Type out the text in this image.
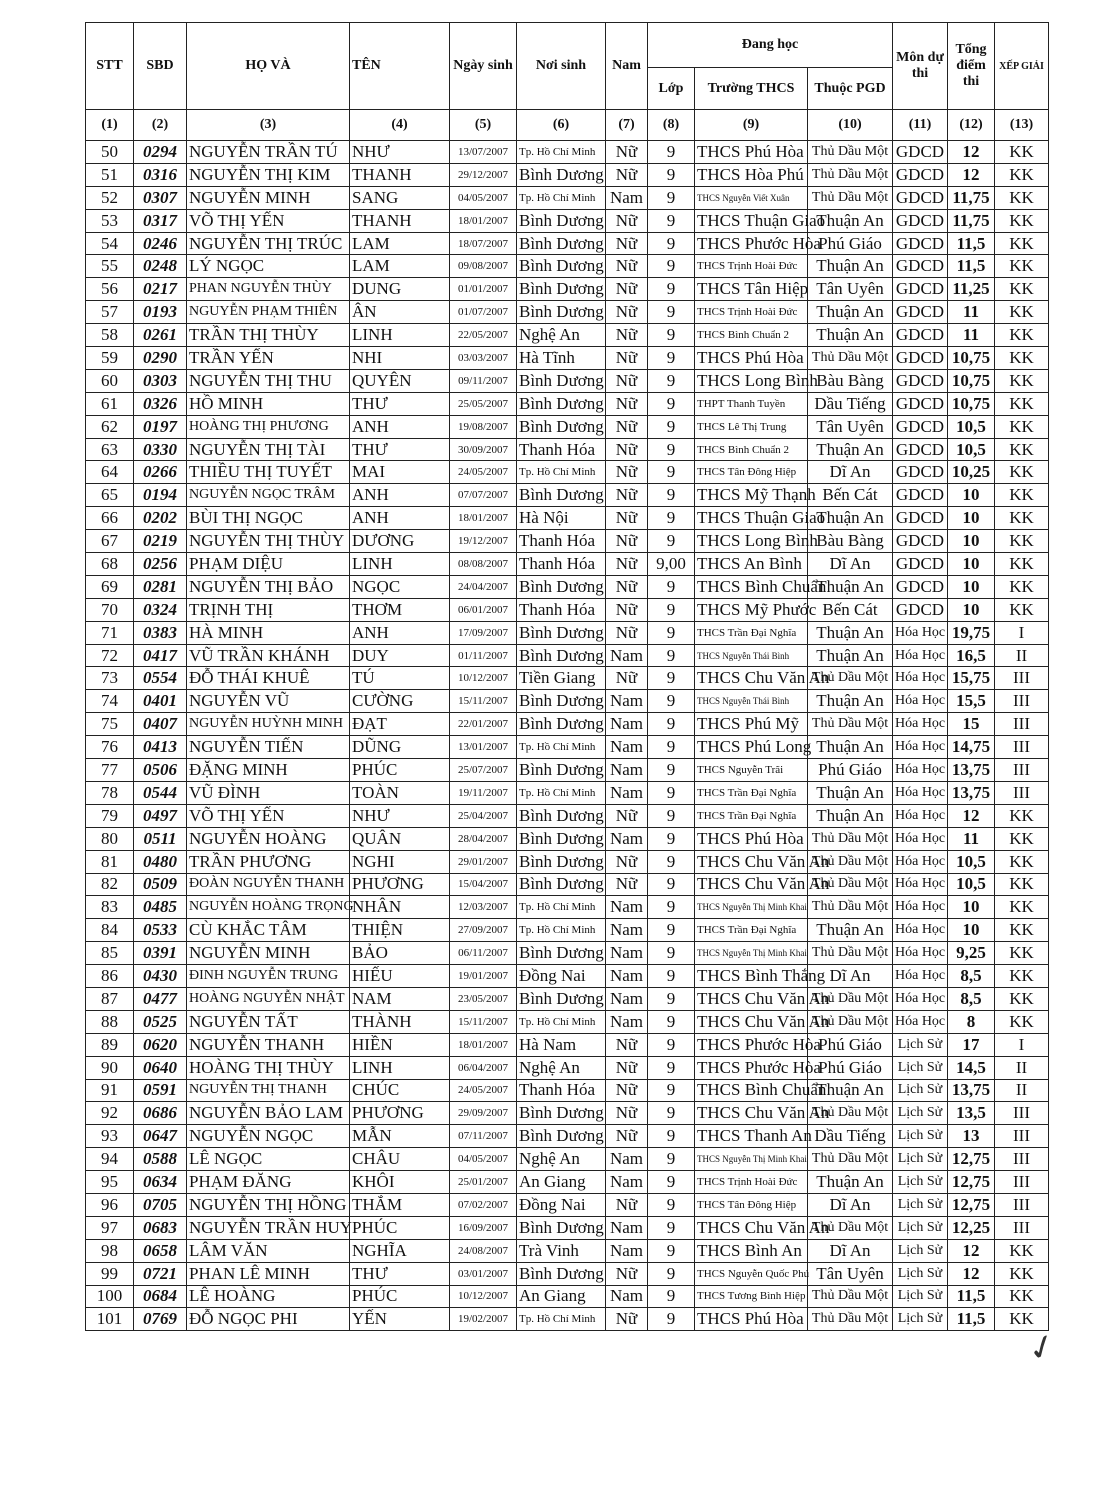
STT	SBD	HỌ VÀ	TÊN	Ngày sinh	Nơi sinh	Nam	Đang học			Môn dự thi	Tổng điểm thi	XẾP GIẢI
							Lớp	Trường THCS	Thuộc PGD			
(1)	(2)	(3)	(4)	(5)	(6)	(7)	(8)	(9)	(10)	(11)	(12)	(13)
50	0294	NGUYỄN TRẦN TÚ	NHƯ	13/07/2007	Tp. Hồ Chí Minh	Nữ	9	THCS Phú Hòa	Thủ Dầu Một	GDCD	12	KK
51	0316	NGUYỄN THỊ KIM	THANH	29/12/2007	Bình Dương	Nữ	9	THCS Hòa Phú	Thủ Dầu Một	GDCD	12	KK
52	0307	NGUYỄN MINH	SANG	04/05/2007	Tp. Hồ Chí Minh	Nam	9	THCS Nguyễn Viết Xuân	Thủ Dầu Một	GDCD	11,75	KK
53	0317	VÕ THỊ YẾN	THANH	18/01/2007	Bình Dương	Nữ	9	THCS Thuận Giao	Thuận An	GDCD	11,75	KK
54	0246	NGUYỄN THỊ TRÚC	LAM	18/07/2007	Bình Dương	Nữ	9	THCS Phước Hòa	Phú Giáo	GDCD	11,5	KK
55	0248	LÝ NGỌC	LAM	09/08/2007	Bình Dương	Nữ	9	THCS Trịnh Hoài Đức	Thuận An	GDCD	11,5	KK
56	0217	PHAN NGUYỄN THÙY	DUNG	01/01/2007	Bình Dương	Nữ	9	THCS Tân Hiệp	Tân Uyên	GDCD	11,25	KK
57	0193	NGUYỄN PHẠM THIÊN	ÂN	01/07/2007	Bình Dương	Nữ	9	THCS Trịnh Hoài Đức	Thuận An	GDCD	11	KK
58	0261	TRẦN THỊ THÙY	LINH	22/05/2007	Nghệ An	Nữ	9	THCS Bình Chuẩn 2	Thuận An	GDCD	11	KK
59	0290	TRẦN YẾN	NHI	03/03/2007	Hà Tĩnh	Nữ	9	THCS Phú Hòa	Thủ Dầu Một	GDCD	10,75	KK
60	0303	NGUYỄN THỊ THU	QUYÊN	09/11/2007	Bình Dương	Nữ	9	THCS Long Bình	Bàu Bàng	GDCD	10,75	KK
61	0326	HỒ MINH	THƯ	25/05/2007	Bình Dương	Nữ	9	THPT Thanh Tuyền	Dầu Tiếng	GDCD	10,75	KK
62	0197	HOÀNG THỊ PHƯƠNG	ANH	19/08/2007	Bình Dương	Nữ	9	THCS Lê Thị Trung	Tân Uyên	GDCD	10,5	KK
63	0330	NGUYỄN THỊ TÀI	THƯ	30/09/2007	Thanh Hóa	Nữ	9	THCS Bình Chuẩn 2	Thuận An	GDCD	10,5	KK
64	0266	THIỀU THỊ TUYẾT	MAI	24/05/2007	Tp. Hồ Chí Minh	Nữ	9	THCS Tân Đông Hiệp	Dĩ An	GDCD	10,25	KK
65	0194	NGUYỄN NGỌC TRÂM	ANH	07/07/2007	Bình Dương	Nữ	9	THCS Mỹ Thạnh	Bến Cát	GDCD	10	KK
66	0202	BÙI THỊ NGỌC	ANH	18/01/2007	Hà Nội	Nữ	9	THCS Thuận Giao	Thuận An	GDCD	10	KK
67	0219	NGUYỄN THỊ THÙY	DƯƠNG	19/12/2007	Thanh Hóa	Nữ	9	THCS Long Bình	Bàu Bàng	GDCD	10	KK
68	0256	PHẠM DIỆU	LINH	08/08/2007	Thanh Hóa	Nữ	9,00	THCS An Bình	Dĩ An	GDCD	10	KK
69	0281	NGUYỄN THỊ BẢO	NGỌC	24/04/2007	Bình Dương	Nữ	9	THCS Bình Chuẩn	Thuận An	GDCD	10	KK
70	0324	TRỊNH THỊ	THƠM	06/01/2007	Thanh Hóa	Nữ	9	THCS Mỹ Phước	Bến Cát	GDCD	10	KK
71	0383	HÀ MINH	ANH	17/09/2007	Bình Dương	Nữ	9	THCS Trần Đại Nghĩa	Thuận An	Hóa Học	19,75	I
72	0417	VŨ TRẦN KHÁNH	DUY	01/11/2007	Bình Dương	Nam	9	THCS Nguyễn Thái Bình	Thuận An	Hóa Học	16,5	II
73	0554	ĐỖ THÁI KHUÊ	TÚ	10/12/2007	Tiền Giang	Nữ	9	THCS Chu Văn An	Thủ Dầu Một	Hóa Học	15,75	III
74	0401	NGUYỄN VŨ	CƯỜNG	15/11/2007	Bình Dương	Nam	9	THCS Nguyễn Thái Bình	Thuận An	Hóa Học	15,5	III
75	0407	NGUYỄN HUỲNH MINH	ĐẠT	22/01/2007	Bình Dương	Nam	9	THCS Phú Mỹ	Thủ Dầu Một	Hóa Học	15	III
76	0413	NGUYỄN TIẾN	DŨNG	13/01/2007	Tp. Hồ Chí Minh	Nam	9	THCS Phú Long	Thuận An	Hóa Học	14,75	III
77	0506	ĐẶNG MINH	PHÚC	25/07/2007	Bình Dương	Nam	9	THCS Nguyễn Trãi	Phú Giáo	Hóa Học	13,75	III
78	0544	VŨ ĐÌNH	TOÀN	19/11/2007	Tp. Hồ Chí Minh	Nam	9	THCS Trần Đại Nghĩa	Thuận An	Hóa Học	13,75	III
79	0497	VÕ THỊ YẾN	NHƯ	25/04/2007	Bình Dương	Nữ	9	THCS Trần Đại Nghĩa	Thuận An	Hóa Học	12	KK
80	0511	NGUYỄN HOÀNG	QUÂN	28/04/2007	Bình Dương	Nam	9	THCS Phú Hòa	Thủ Dầu Một	Hóa Học	11	KK
81	0480	TRẦN PHƯƠNG	NGHI	29/01/2007	Bình Dương	Nữ	9	THCS Chu Văn An	Thủ Dầu Một	Hóa Học	10,5	KK
82	0509	ĐOÀN NGUYỄN THANH	PHƯƠNG	15/04/2007	Bình Dương	Nữ	9	THCS Chu Văn An	Thủ Dầu Một	Hóa Học	10,5	KK
83	0485	NGUYỄN HOÀNG TRỌNG	NHÂN	12/03/2007	Tp. Hồ Chí Minh	Nam	9	THCS Nguyễn Thị Minh Khai	Thủ Dầu Một	Hóa Học	10	KK
84	0533	CÙ KHẮC TÂM	THIỆN	27/09/2007	Tp. Hồ Chí Minh	Nam	9	THCS Trần Đại Nghĩa	Thuận An	Hóa Học	10	KK
85	0391	NGUYỄN MINH	BẢO	06/11/2007	Bình Dương	Nam	9	THCS Nguyễn Thị Minh Khai	Thủ Dầu Một	Hóa Học	9,25	KK
86	0430	ĐINH NGUYỄN TRUNG	HIẾU	19/01/2007	Đồng Nai	Nam	9	THCS Bình Thắng	Dĩ An	Hóa Học	8,5	KK
87	0477	HOÀNG NGUYỄN NHẬT	NAM	23/05/2007	Bình Dương	Nam	9	THCS Chu Văn An	Thủ Dầu Một	Hóa Học	8,5	KK
88	0525	NGUYỄN TẤT	THÀNH	15/11/2007	Tp. Hồ Chí Minh	Nam	9	THCS Chu Văn An	Thủ Dầu Một	Hóa Học	8	KK
89	0620	NGUYỄN THANH	HIỀN	18/01/2007	Hà Nam	Nữ	9	THCS Phước Hòa	Phú Giáo	Lịch Sử	17	I
90	0640	HOÀNG THỊ THÙY	LINH	06/04/2007	Nghệ An	Nữ	9	THCS Phước Hòa	Phú Giáo	Lịch Sử	14,5	II
91	0591	NGUYỄN THỊ THANH	CHÚC	24/05/2007	Thanh Hóa	Nữ	9	THCS Bình Chuẩn	Thuận An	Lịch Sử	13,75	II
92	0686	NGUYỄN BẢO LAM	PHƯƠNG	29/09/2007	Bình Dương	Nữ	9	THCS Chu Văn An	Thủ Dầu Một	Lịch Sử	13,5	III
93	0647	NGUYỄN NGỌC	MẪN	07/11/2007	Bình Dương	Nữ	9	THCS Thanh An	Dầu Tiếng	Lịch Sử	13	III
94	0588	LÊ NGỌC	CHÂU	04/05/2007	Nghệ An	Nam	9	THCS Nguyễn Thị Minh Khai	Thủ Dầu Một	Lịch Sử	12,75	III
95	0634	PHẠM ĐĂNG	KHÔI	25/01/2007	An Giang	Nam	9	THCS Trịnh Hoài Đức	Thuận An	Lịch Sử	12,75	III
96	0705	NGUYỄN THỊ HỒNG	THẮM	07/02/2007	Đồng Nai	Nữ	9	THCS Tân Đông Hiệp	Dĩ An	Lịch Sử	12,75	III
97	0683	NGUYỄN TRẦN HUY	PHÚC	16/09/2007	Bình Dương	Nam	9	THCS Chu Văn An	Thủ Dầu Một	Lịch Sử	12,25	III
98	0658	LÂM VĂN	NGHĨA	24/08/2007	Trà Vinh	Nam	9	THCS Bình An	Dĩ An	Lịch Sử	12	KK
99	0721	PHAN LÊ MINH	THƯ	03/01/2007	Bình Dương	Nữ	9	THCS Nguyễn Quốc Phú	Tân Uyên	Lịch Sử	12	KK
100	0684	LÊ HOÀNG	PHÚC	10/12/2007	An Giang	Nam	9	THCS Tương Bình Hiệp	Thủ Dầu Một	Lịch Sử	11,5	KK
101	0769	ĐỖ NGỌC PHI	YẾN	19/02/2007	Tp. Hồ Chí Minh	Nữ	9	THCS Phú Hòa	Thủ Dầu Một	Lịch Sử	11,5	KK
✓
